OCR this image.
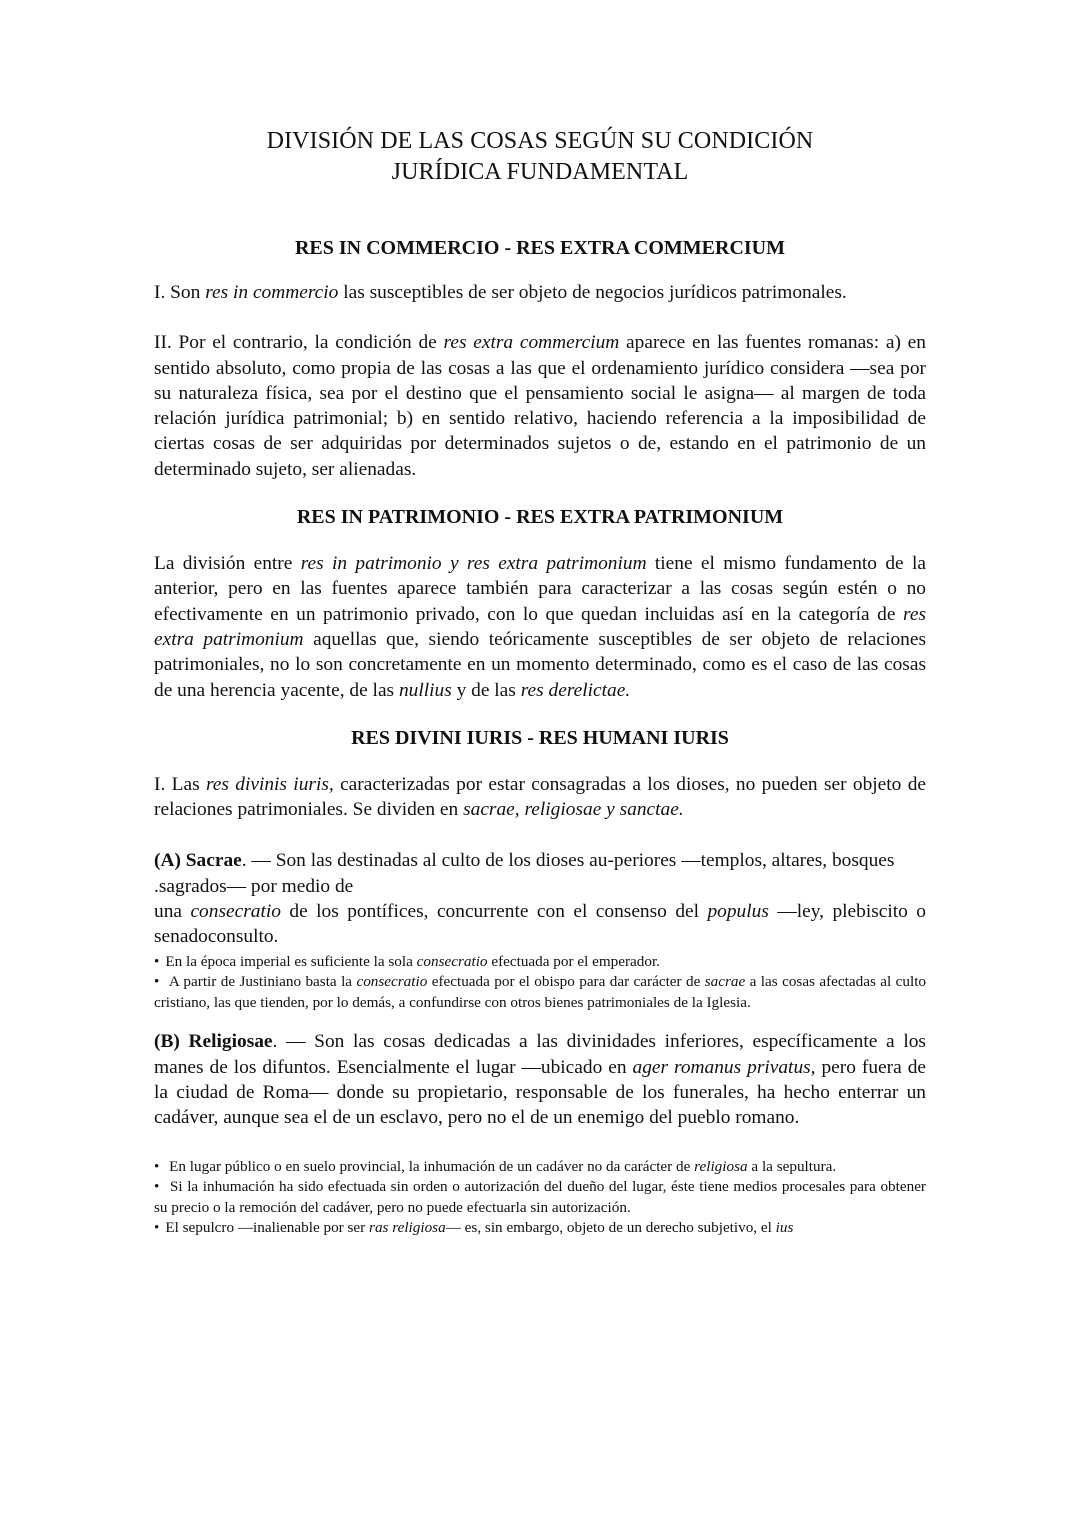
DIVISIÓN DE LAS COSAS SEGÚN SU CONDICIÓN
JURÍDICA FUNDAMENTAL
RES IN COMMERCIO - RES EXTRA COMMERCIUM

I. Son res in commercio las susceptibles de ser objeto de negocios jurídicos patrimonales.

II. Por el contrario, la condición de res extra commercium aparece en las fuentes romanas: a) en sentido absoluto, como propia de las cosas a las que el ordenamiento jurídico considera —sea por su naturaleza física, sea por el destino que el pensamiento social le asigna— al margen de toda relación jurídica patrimonial; b) en sentido relativo, haciendo referencia a la imposibilidad de ciertas cosas de ser adquiridas por determinados sujetos o de, estando en el patrimonio de un determinado sujeto, ser alienadas.

RES IN PATRIMONIO - RES EXTRA PATRIMONIUM

La división entre res in patrimonio y res extra patrimonium tiene el mismo fundamento de la anterior, pero en las fuentes aparece también para caracterizar a las cosas según estén o no efectivamente en un patrimonio privado, con lo que quedan incluidas así en la categoría de res extra patrimonium aquellas que, siendo teóricamente susceptibles de ser objeto de relaciones patrimoniales, no lo son concretamente en un momento determinado, como es el caso de las cosas de una herencia yacente, de las nullius y de las res derelictae.

RES DIVINI IURIS - RES HUMANI IURIS

I. Las res divinis iuris, caracterizadas por estar consagradas a los dioses, no pueden ser objeto de relaciones patrimoniales. Se dividen en sacrae, religiosae y sanctae.

(A) Sacrae. — Son las destinadas al culto de los dioses au-periores —templos, altares, bosques .sagrados— por medio de

una consecratio de los pontífices, concurrente con el consenso del populus —ley, plebiscito o senadoconsulto.

• En la época imperial es suficiente la sola consecratio efectuada por el emperador.

• A partir de Justiniano basta la consecratio efectuada por el obispo para dar carácter de sacrae a las cosas afectadas al culto cristiano, las que tienden, por lo demás, a confundirse con otros bienes patrimoniales de la Iglesia.

(B) Religiosae. — Son las cosas dedicadas a las divinidades inferiores, específicamente a los manes de los difuntos. Esencialmente el lugar —ubicado en ager romanus privatus, pero fuera de la ciudad de Roma— donde su propietario, responsable de los funerales, ha hecho enterrar un cadáver, aunque sea el de un esclavo, pero no el de un enemigo del pueblo romano.

• En lugar público o en suelo provincial, la inhumación de un cadáver no da carácter de religiosa a la sepultura.

• Si la inhumación ha sido efectuada sin orden o autorización del dueño del lugar, éste tiene medios procesales para obtener su precio o la remoción del cadáver, pero no puede efectuarla sin autorización.

• El sepulcro —inalienable por ser ras religiosa— es, sin embargo, objeto de un derecho subjetivo, el ius
